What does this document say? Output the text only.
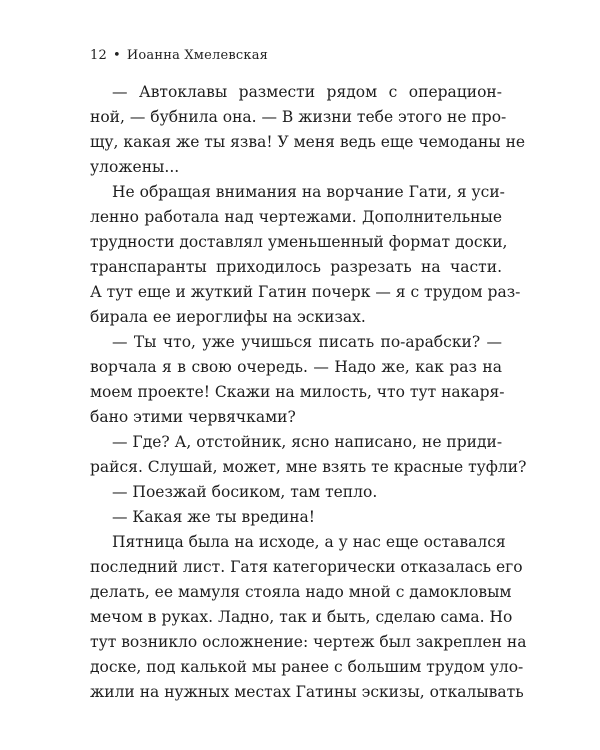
12 • Иоанна Хмелевская
— Автоклавы размести рядом с операцион-
ной, — бубнила она. — В жизни тебе этого не про-
щу, какая же ты язва! У меня ведь еще чемоданы не
уложены...
Не обращая внимания на ворчание Гати, я уси-
ленно работала над чертежами. Дополнительные
трудности доставлял уменьшенный формат доски,
транспаранты приходилось разрезать на части.
А тут еще и жуткий Гатин почерк — я с трудом раз-
бирала ее иероглифы на эскизах.
— Ты что, уже учишься писать по-арабски? —
ворчала я в свою очередь. — Надо же, как раз на
моем проекте! Скажи на милость, что тут накаря-
бано этими червячками?
— Где? А, отстойник, ясно написано, не приди-
райся. Слушай, может, мне взять те красные туфли?
— Поезжай босиком, там тепло.
— Какая же ты вредина!
Пятница была на исходе, а у нас еще оставался
последний лист. Гатя категорически отказалась его
делать, ее мамуля стояла надо мной с дамокловым
мечом в руках. Ладно, так и быть, сделаю сама. Но
тут возникло осложнение: чертеж был закреплен на
доске, под калькой мы ранее с большим трудом уло-
жили на нужных местах Гатины эскизы, откалывать
